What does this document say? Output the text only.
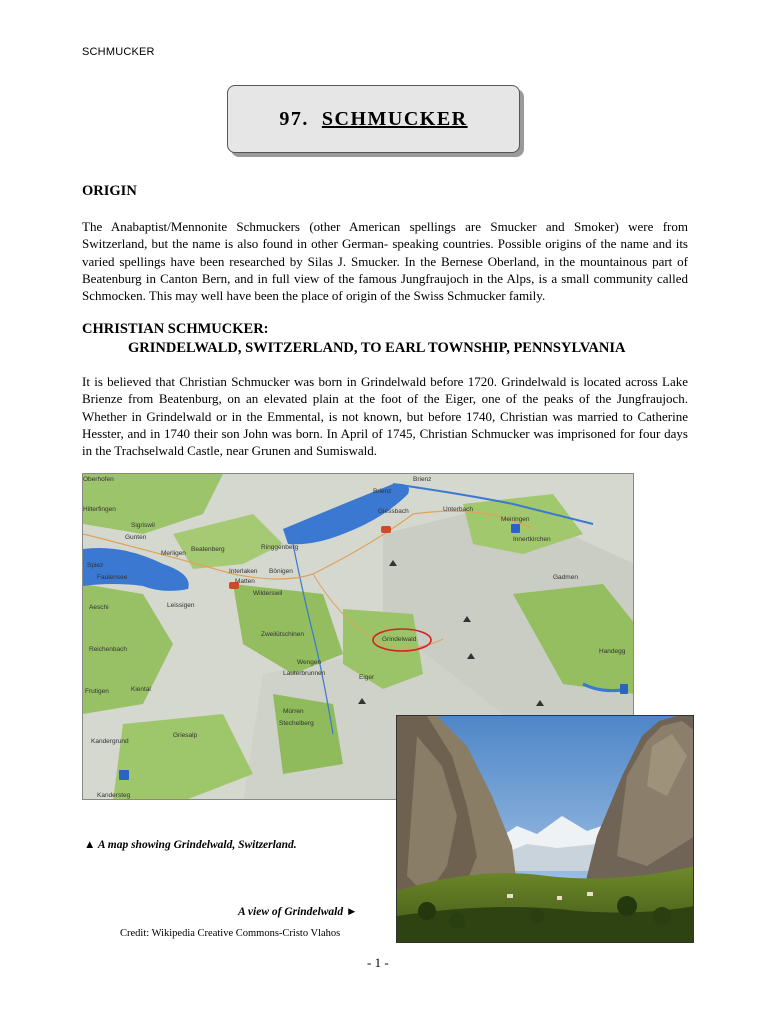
SCHMUCKER
97. SCHMUCKER
ORIGIN
The Anabaptist/Mennonite Schmuckers (other American spellings are Smucker and Smoker) were from Switzerland, but the name is also found in other German- speaking countries. Possible origins of the name and its varied spellings have been researched by Silas J. Smucker. In the Bernese Oberland, in the mountainous part of Beatenburg in Canton Bern, and in full view of the famous Jungfraujoch in the Alps, is a small community called Schmocken. This may well have been the place of origin of the Swiss Schmucker family.
CHRISTIAN SCHMUCKER:
GRINDELWALD, SWITZERLAND, TO EARL TOWNSHIP, PENNSYLVANIA
It is believed that Christian Schmucker was born in Grindelwald before 1720. Grindelwald is located across Lake Brienze from Beatenburg, on an elevated plain at the foot of the Eiger, one of the peaks of the Jungfraujoch. Whether in Grindelwald or in the Emmental, is not known, but before 1740, Christian was married to Catherine Hesster, and in 1740 their son John was born. In April of 1745, Christian Schmucker was imprisoned for four days in the Trachselwald Castle, near Grunen and Sumiswald.
Oberhofen
Hilterfingen
Brienz
Brienz
Giessbach	Unterbach
Meiringen
Sigriswil
Gunten
Merligen
Beatenberg	Ringgenberg
Interlaken Bönigen
Matten
Wilderswil
Faulensee
Aeschi	Leissigen
Reichenbach
Zweilütschinen
Grindelwald
Wengen
Lauterbrunnen
Eiger
Mürren
Stechelberg
Frutigen	Kiental
Griesalp
Kandergrund
Kandersteg
Innertkirchen
Handegg
Gadmen
Spiez
▲ A map showing Grindelwald, Switzerland.
A view of Grindelwald ►
Credit: Wikipedia Creative Commons-Cristo Vlahos
- 1 -
